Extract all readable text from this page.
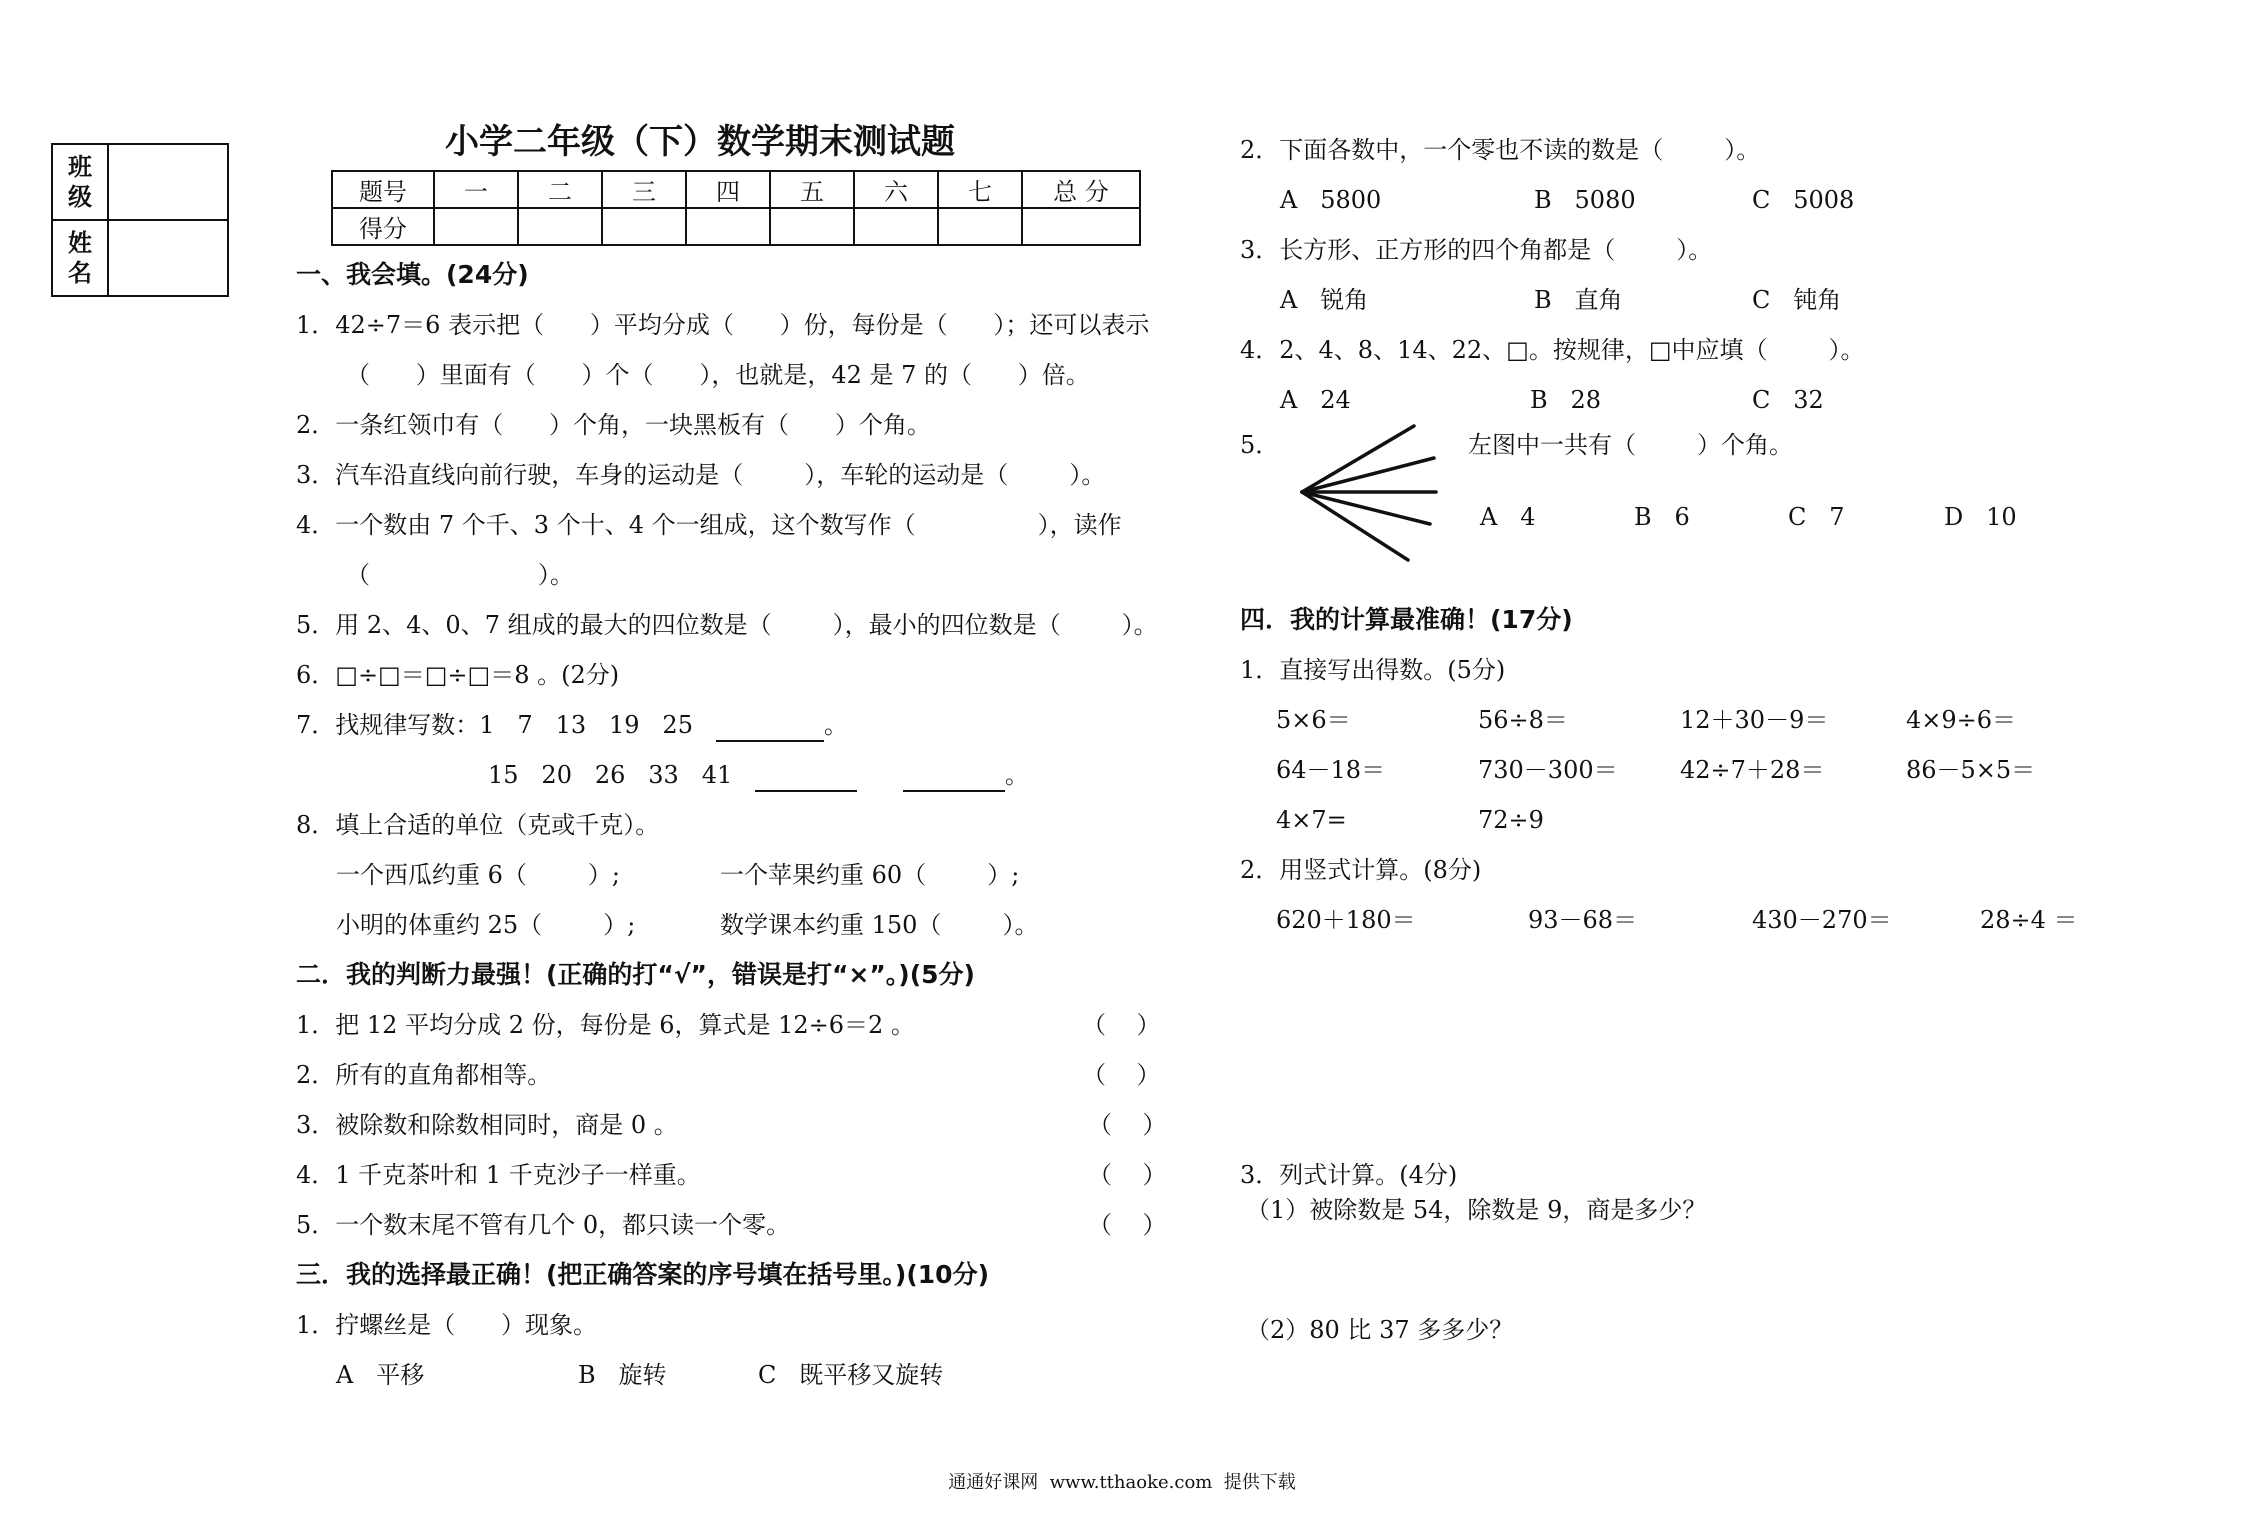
班
级	
姓
名	
小学二年级（下）数学期末测试题
题号	一	二	三	四	五	六	七	总 分
得分								
一、我会填。(24分)
1．42÷7＝6 表示把（      ）平均分成（      ）份，每份是（      ）；还可以表示
（      ）里面有（      ）个（      ），也就是，42 是 7 的（      ）倍。
2．一条红领巾有（      ）个角，一块黑板有（      ）个角。
3．汽车沿直线向前行驶，车身的运动是（        ），车轮的运动是（        ）。
4．一个数由 7 个千、3 个十、4 个一组成，这个数写作（                ），读作
（                      ）。
5．用 2、4、0、7 组成的最大的四位数是（        ），最小的四位数是（        ）。
6．□÷□＝□÷□＝8 。(2分)
7．找规律写数：1   7   13   19   25	。
15   20   26   33   41	。
8．填上合适的单位（克或千克）。
一个西瓜约重 6（        ）;	一个苹果约重 60（        ）;
小明的体重约 25（        ）;	数学课本约重 150（        ）。
二．我的判断力最强！(正确的打“√”，错误是打“×”。)(5分)
1．把 12 平均分成 2 份，每份是 6，算式是 12÷6＝2 。	（    ）
2．所有的直角都相等。	（    ）
3．被除数和除数相同时，商是 0 。	（    ）
4．1 千克茶叶和 1 千克沙子一样重。	（    ）
5．一个数末尾不管有几个 0，都只读一个零。	（    ）
三．我的选择最正确！(把正确答案的序号填在括号里。)(10分)
1．拧螺丝是（      ）现象。
A   平移	B   旋转	C   既平移又旋转
2．下面各数中，一个零也不读的数是（        ）。
A   5800	B   5080	C   5008
3．长方形、正方形的四个角都是（        ）。
A   锐角	B   直角	C   钝角
4．2、4、8、14、22、□。按规律，□中应填（        ）。
A   24	B   28	C   32
5．	左图中一共有（        ）个角。
A   4	B   6	C   7	D   10
四．我的计算最准确！(17分)
1．直接写出得数。(5分)
5×6＝	56÷8＝	12＋30－9＝	4×9÷6＝
64－18＝	730－300＝	42÷7＋28＝	86－5×5＝
4×7=	72÷9
2．用竖式计算。(8分)
620＋180＝	93－68＝	430－270＝	28÷4 ＝
3．列式计算。(4分)
（1）被除数是 54，除数是 9，商是多少？
（2）80 比 37 多多少？
通通好课网  www.tthaoke.com  提供下载
